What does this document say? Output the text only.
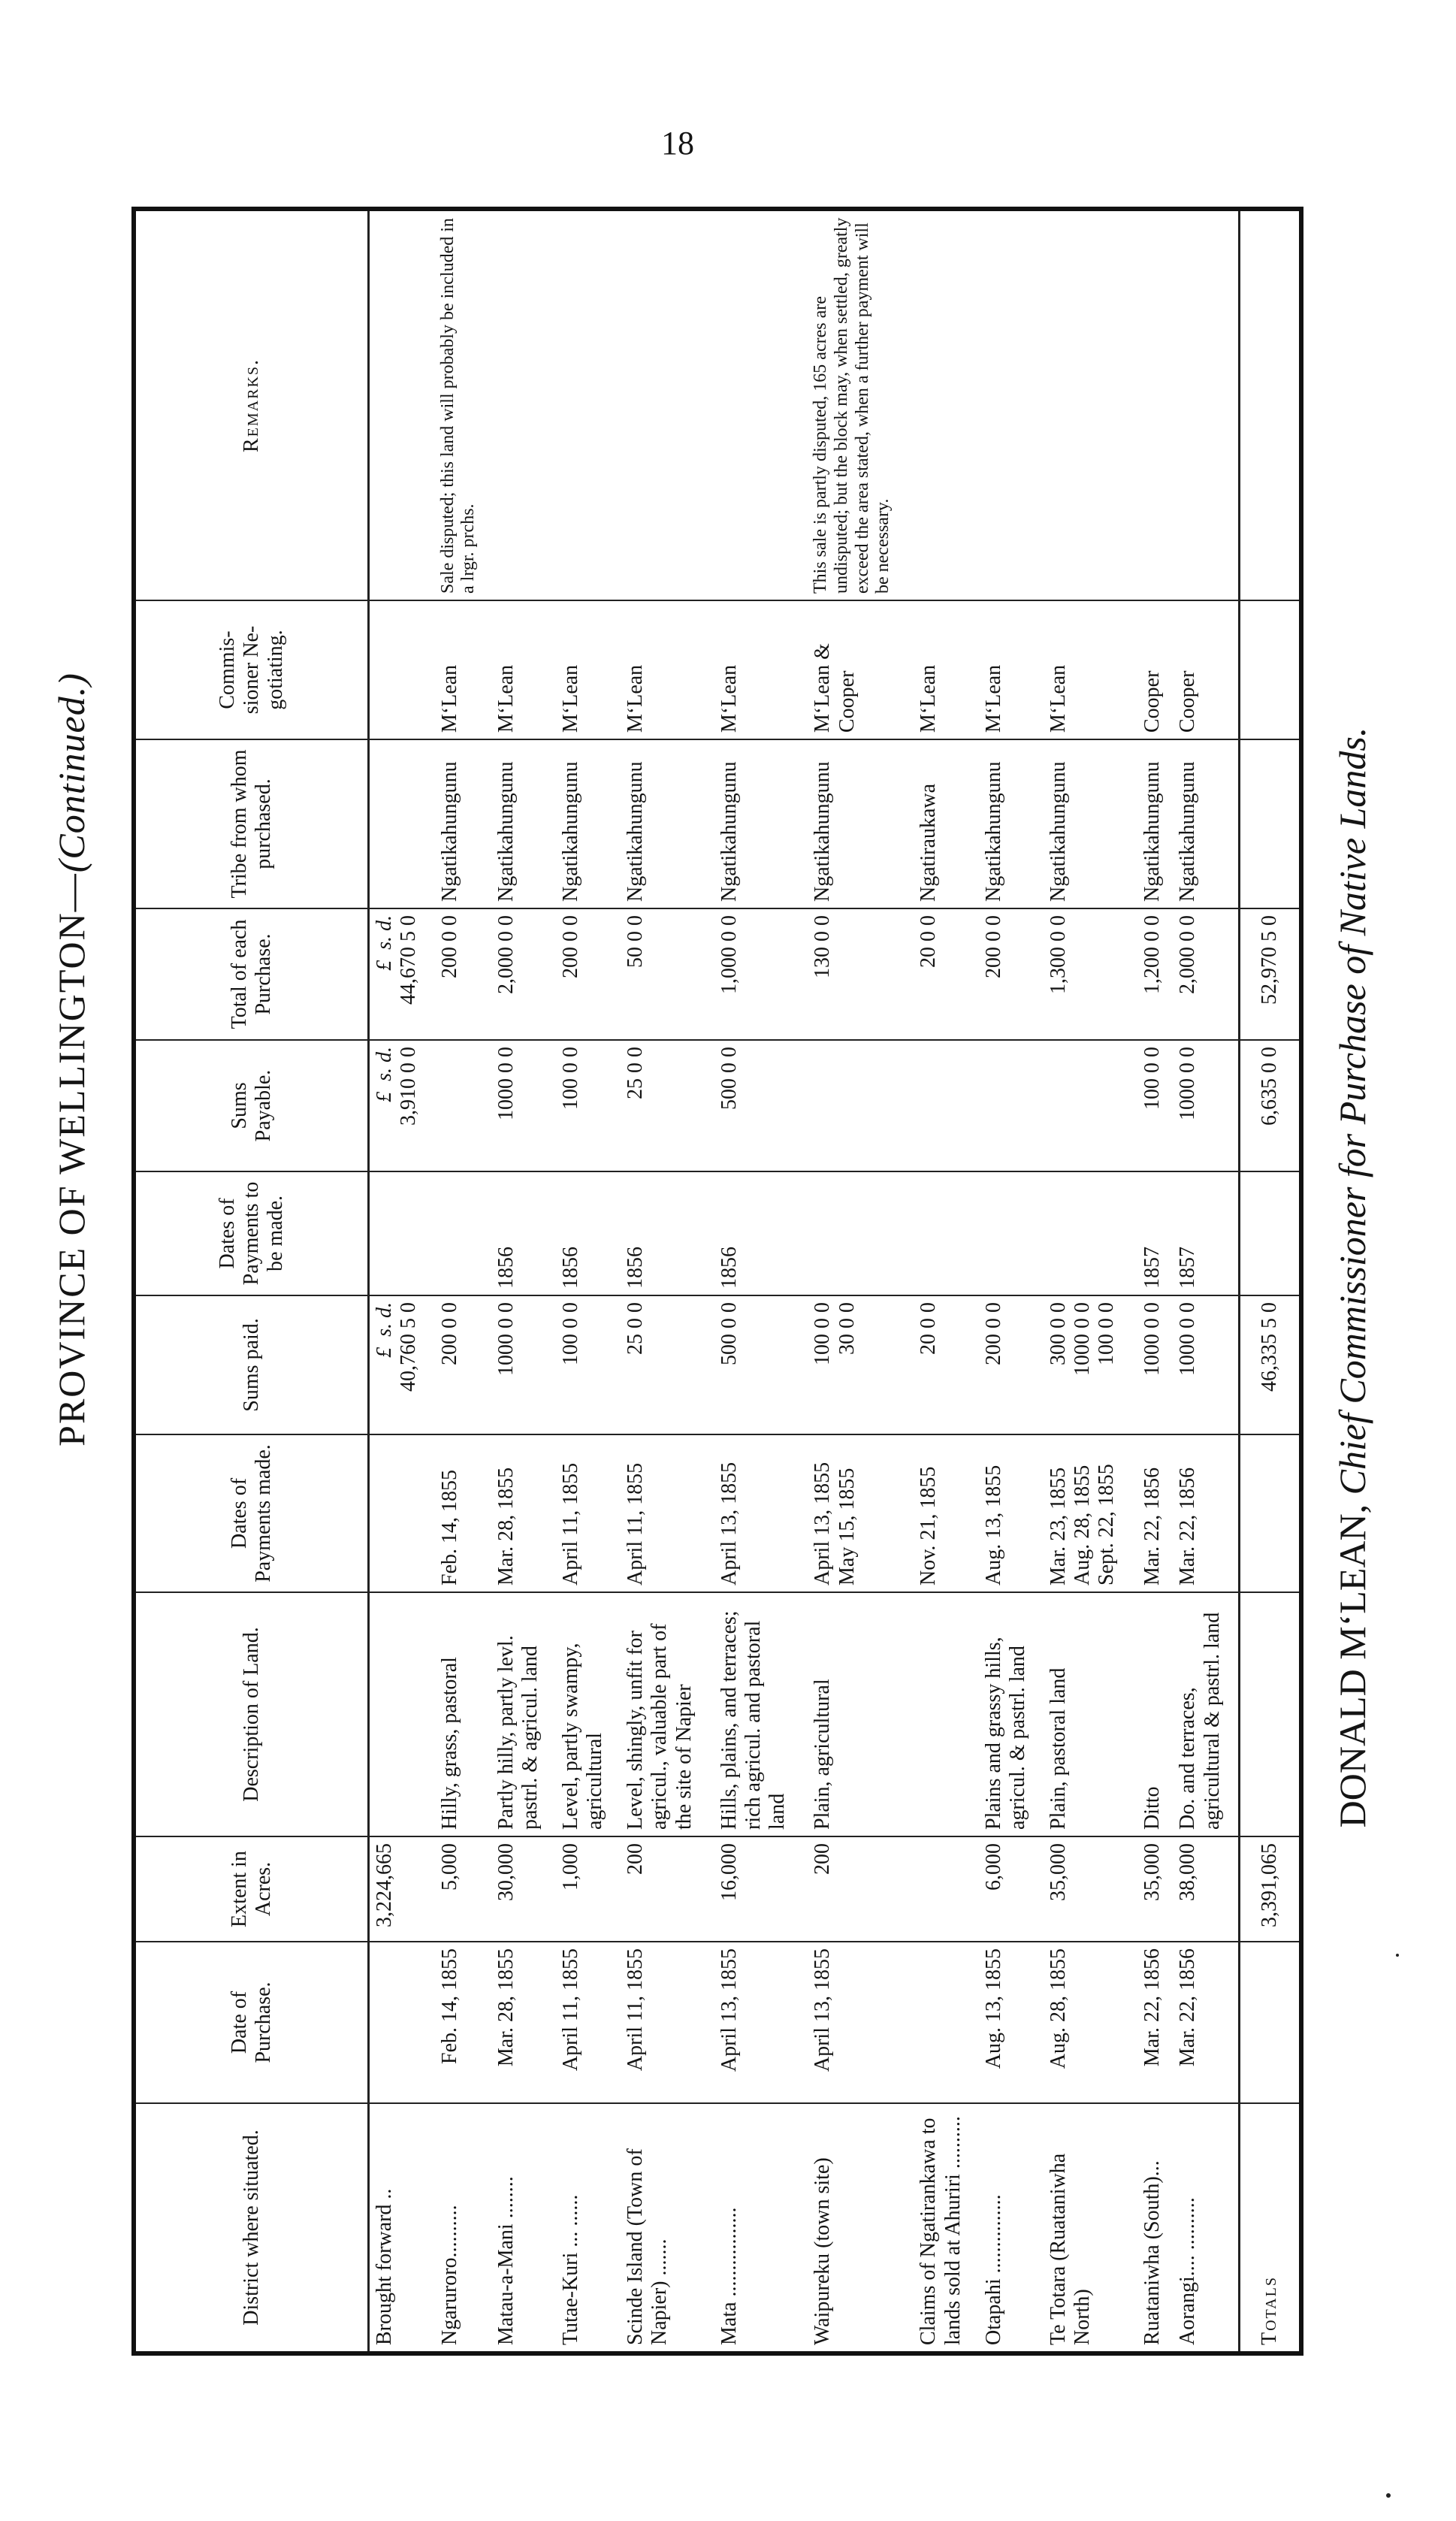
18
PROVINCE OF WELLINGTON—(Continued.)
District where situated.	Date of Purchase.	Extent in Acres.	Description of Land.	Dates of Payments made.	Sums paid.	Dates of Payments to be made.	Sums Payable.	Total of each Purchase.	Tribe from whom purchased.	Commis-sioner Ne-gotiating.	Remarks.
Brought forward ..		3,224,665			£  s. d. 40,760 5 0		£  s. d. 3,910 0 0	£  s. d. 44,670 5 0			
Ngaruroro..........	Feb. 14, 1855	5,000	Hilly, grass, pastoral	Feb. 14, 1855	200 0 0			200 0 0	Ngatikahungunu	M‘Lean	Sale disputed; this land will probably be included in a lrgr. prchs.
Matau-a-Mani ........	Mar. 28, 1855	30,000	Partly hilly, partly levl. pastrl. & agricul. land	Mar. 28, 1855	1000 0 0	1856	1000 0 0	2,000 0 0	Ngatikahungunu	M‘Lean	
Tutae-Kuri ... ......	April 11, 1855	1,000	Level, partly swampy, agricultural	April 11, 1855	100 0 0	1856	100 0 0	200 0 0	Ngatikahungunu	M‘Lean	
Scinde Island (Town of Napier) .......	April 11, 1855	200	Level, shingly, unfit for agricul., valuable part of the site of Napier	April 11, 1855	25 0 0	1856	25 0 0	50 0 0	Ngatikahungunu	M‘Lean	
Mata .................	April 13, 1855	16,000	Hills, plains, and terraces; rich agricul. and pastoral land	April 13, 1855	500 0 0	1856	500 0 0	1,000 0 0	Ngatikahungunu	M‘Lean	
Waipureku (town site)	April 13, 1855	200	Plain, agricultural	April 13, 1855
May 15, 1855	100 0 0
30 0 0			130 0 0	Ngatikahungunu	M‘Lean & Cooper	This sale is partly disputed, 165 acres are undisputed; but the block may, when settled, greatly exceed the area stated, when a further payment will be necessary.
Claims of Ngatirankawa to lands sold at Ahuriri ..........				Nov. 21, 1855	20 0 0			20 0 0	Ngatiraukawa	M‘Lean	
Otapahi ...............	Aug. 13, 1855	6,000	Plains and grassy hills, agricul. & pastrl. land	Aug. 13, 1855	200 0 0			200 0 0	Ngatikahungunu	M‘Lean	
Te Totara (Ruataniwha North)	Aug. 28, 1855	35,000	Plain, pastoral land	Mar. 23, 1855
Aug. 28, 1855
Sept. 22, 1855	300 0 0
1000 0 0
100 0 0			1,300 0 0	Ngatikahungunu	M‘Lean	
Ruataniwha (South)...	Mar. 22, 1856	35,000	Ditto	Mar. 22, 1856	1000 0 0	1857	100 0 0	1,200 0 0	Ngatikahungunu	Cooper	
Aorangi.... ..........	Mar. 22, 1856	38,000	Do. and terraces, agricultural & pastrl. land	Mar. 22, 1856	1000 0 0	1857	1000 0 0	2,000 0 0	Ngatikahungunu	Cooper	
Totals		3,391,065			46,335 5 0		6,635 0 0	52,970 5 0			
DONALD M‘LEAN, Chief Commissioner for Purchase of Native Lands.
